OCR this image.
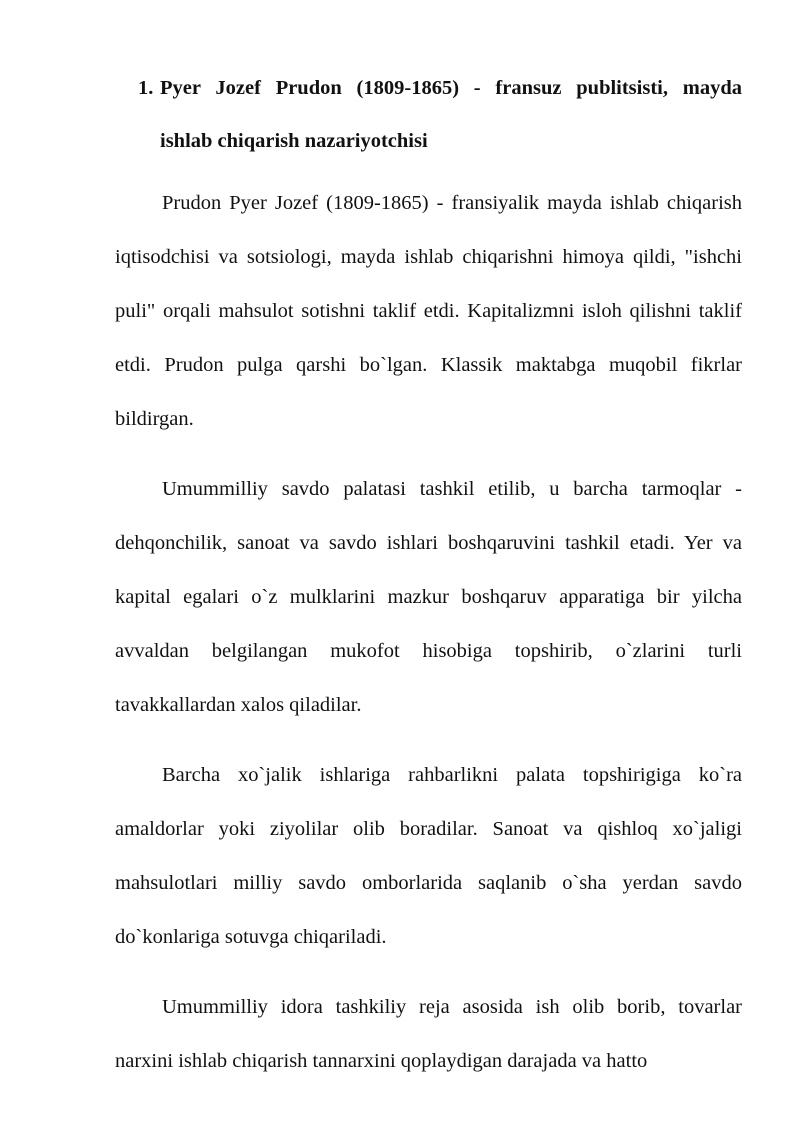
1. Pyer Jozef Prudon (1809-1865) - fransuz publitsisti, mayda
ishlab chiqarish nazariyotchisi

Prudon Pyer Jozef (1809-1865) - fransiyalik mayda ishlab chiqarish iqtisodchisi va sotsiologi, mayda ishlab chiqarishni himoya qildi, "ishchi puli" orqali mahsulot sotishni taklif etdi. Kapitalizmni isloh qilishni taklif etdi. Prudon pulga qarshi bo`lgan. Klassik maktabga muqobil fikrlar bildirgan.

Umummilliy savdo palatasi tashkil etilib, u barcha tarmoqlar - dehqonchilik, sanoat va savdo ishlari boshqaruvini tashkil etadi. Yer va kapital egalari o`z mulklarini mazkur boshqaruv apparatiga bir yilcha avvaldan belgilangan mukofot hisobiga topshirib, o`zlarini turli tavakkallardan xalos qiladilar.

Barcha xo`jalik ishlariga rahbarlikni palata topshirigiga ko`ra amaldorlar yoki ziyolilar olib boradilar. Sanoat va qishloq xo`jaligi mahsulotlari milliy savdo omborlarida saqlanib o`sha yerdan savdo do`konlariga sotuvga chiqariladi.

Umummilliy idora tashkiliy reja asosida ish olib borib, tovarlar narxini ishlab chiqarish tannarxini qoplaydigan darajada va hatto
